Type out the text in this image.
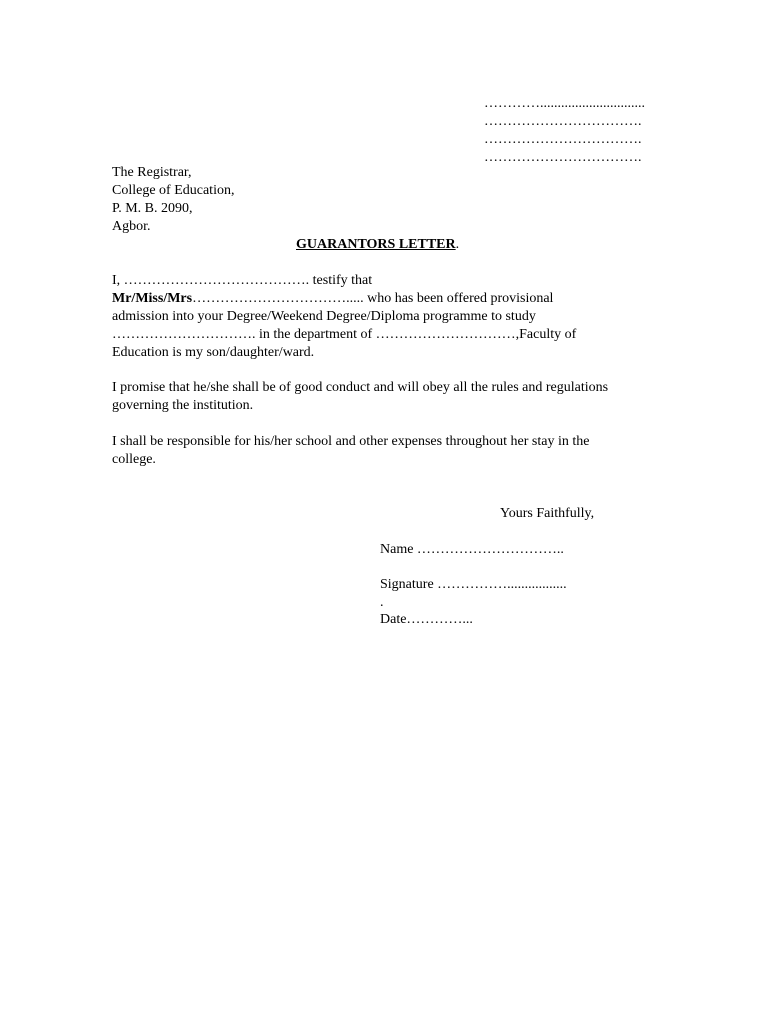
…………..............................
…………………………….
…………………………….
…………………………….
The Registrar,
College of Education,
P. M. B. 2090,
Agbor.
GUARANTORS LETTER.
I, …………………………………. testify that
Mr/Miss/Mrs……………………………..... who has been offered provisional
admission into your Degree/Weekend Degree/Diploma programme to study
…………………………. in the department of …………………………,Faculty of
Education is my son/daughter/ward.
I promise that he/she shall be of good conduct and will obey all the rules and regulations
governing the institution.
I shall be responsible for his/her school and other expenses throughout her stay in the
college.
Yours Faithfully,
Name …………………………..
Signature …………….................
.
Date…………...
